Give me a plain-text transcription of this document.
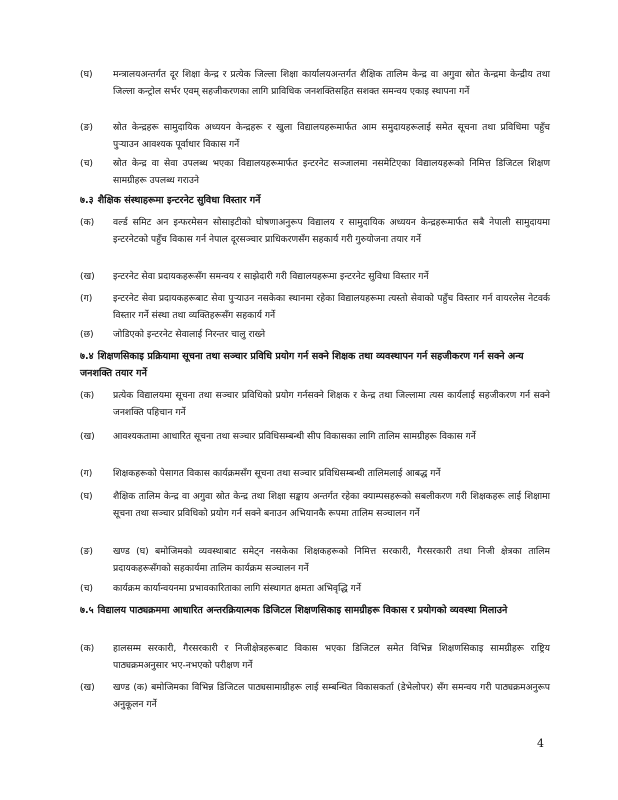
(घ) मन्त्रालयअन्तर्गत दूर शिक्षा केन्द्र र प्रत्येक जिल्ला शिक्षा कार्यालयअन्तर्गत शैक्षिक तालिम केन्द्र वा अगुवा स्रोत केन्द्रमा केन्द्रीय तथा जिल्ला कन्ट्रोल सर्भर एवम् सहजीकरणका लागि प्राविधिक जनशक्तिसहित सशक्त समन्वय एकाइ स्थापना गर्ने
(ङ) स्रोत केन्द्रहरू सामुदायिक अध्ययन केन्द्रहरू र खुला विद्यालयहरूमार्फत आम समुदायहरूलाई समेत सूचना तथा प्रविधिमा पहुँच पुऱ्याउन आवश्यक पूर्वाधार विकास गर्ने
(च) स्रोत केन्द्र वा सेवा उपलब्ध भएका विद्यालयहरूमार्फत इन्टरनेट सञ्जालमा नसमेटिएका विद्यालयहरूको निमित्त डिजिटल शिक्षण सामग्रीहरू उपलब्ध गराउने
७.३ शैक्षिक संस्थाहरूमा इन्टरनेट सुविधा विस्तार गर्ने
(क) वर्ल्ड समिट अन इन्फरमेसन सोसाइटीको घोषणाअनुरूप विद्यालय र सामुदायिक अध्ययन केन्द्रहरूमार्फत सबै नेपाली सामुदायमा इन्टरनेटको पहुँच विकास गर्न नेपाल दूरसञ्चार प्राधिकरणसँग सहकार्य गरी गुरुयोजना तयार गर्ने
(ख) इन्टरनेट सेवा प्रदायकहरूसँग समन्वय र साझेदारी गरी विद्यालयहरूमा इन्टरनेट सुविधा विस्तार गर्ने
(ग) इन्टरनेट सेवा प्रदायकहरूबाट सेवा पुऱ्याउन नसकेका स्थानमा रहेका विद्यालयहरूमा त्यस्तो सेवाको पहुँच विस्तार गर्न वायरलेस नेटवर्क विस्तार गर्ने संस्था तथा व्यक्तिहरूसँग सहकार्य गर्ने
(छ) जोडिएको इन्टरनेट सेवालाई निरन्तर चालु राख्ने
७.४ शिक्षणसिकाइ प्रक्रियामा सूचना तथा सञ्चार प्रविधि प्रयोग गर्न सक्ने शिक्षक तथा व्यवस्थापन गर्न सहजीकरण गर्न सक्ने अन्य जनशक्ति तयार गर्ने
(क) प्रत्येक विद्यालयमा सूचना तथा सञ्चार प्रविधिको प्रयोग गर्नसक्ने शिक्षक र केन्द्र तथा जिल्लामा त्यस कार्यलाई सहजीकरण गर्न सक्ने जनशक्ति पहिचान गर्ने
(ख) आवश्यकतामा आधारित सूचना तथा सञ्चार प्रविधिसम्बन्धी सीप विकासका लागि तालिम सामग्रीहरू विकास गर्ने
(ग) शिक्षकहरूको पेसागत विकास कार्यक्रमसँग सूचना तथा सञ्चार प्रविधिसम्बन्धी तालिमलाई आबद्ध गर्ने
(घ) शैक्षिक तालिम केन्द्र वा अगुवा स्रोत केन्द्र तथा शिक्षा सङ्काय अन्तर्गत रहेका क्याम्पसहरूको सबलीकरण गरी शिक्षकहरू लाई शिक्षामा सूचना तथा सञ्चार प्रविधिको प्रयोग गर्न सक्ने बनाउन अभियानकै रूपमा तालिम सञ्चालन गर्ने
(ङ) खण्ड (घ) बमोजिमको व्यवस्थाबाट समेट्न नसकेका शिक्षकहरूको निमित्त सरकारी, गैरसरकारी तथा निजी क्षेत्रका तालिम प्रदायकहरूसँगको सहकार्यमा तालिम कार्यक्रम सञ्चालन गर्ने
(च) कार्यक्रम कार्यान्वयनमा प्रभावकारिताका लागि संस्थागत क्षमता अभिवृद्धि गर्ने
७.५ विद्यालय पाठ्यक्रममा आधारित अन्तरक्रियात्मक डिजिटल शिक्षणसिकाइ सामग्रीहरू विकास र प्रयोगको व्यवस्था मिलाउने
(क) हालसम्म सरकारी, गैरसरकारी र निजीक्षेत्रहरूबाट विकास भएका डिजिटल समेत विभिन्न शिक्षणसिकाइ सामग्रीहरू राष्ट्रिय पाठ्यक्रमअनुसार भए-नभएको परीक्षण गर्ने
(ख) खण्ड (क) बमोजिमका विभिन्न डिजिटल पाठ्यसामाग्रीहरू लाई सम्बन्धित विकासकर्ता (डेभेलोपर) सँग समन्वय गरी पाठ्यक्रमअनुरूप अनुकूलन गर्ने
4
